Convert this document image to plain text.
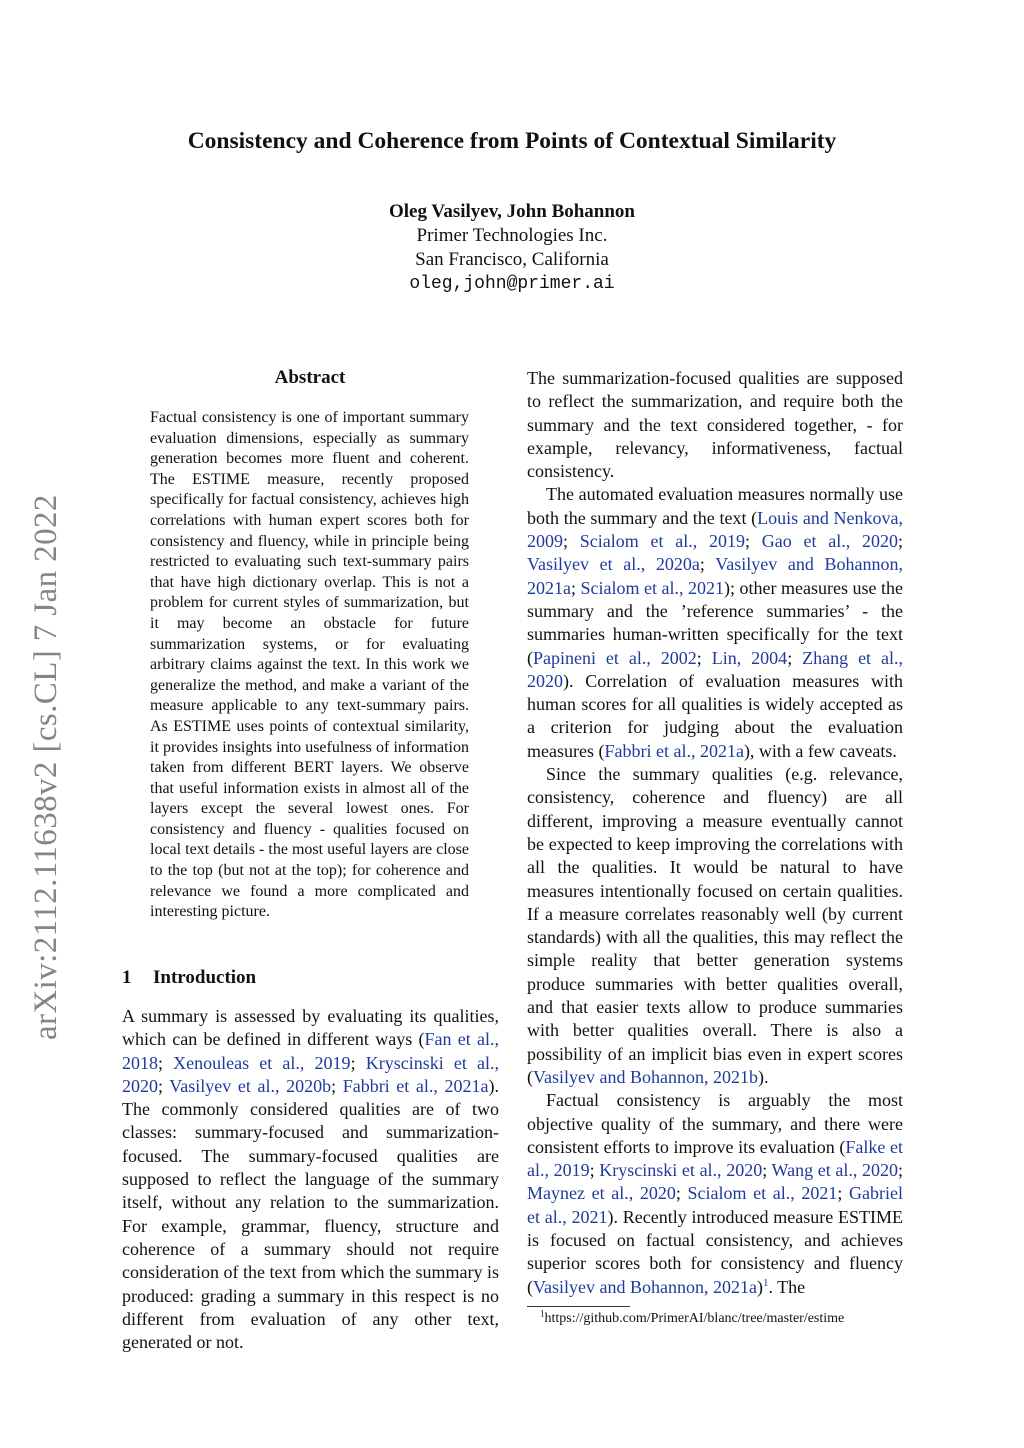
Consistency and Coherence from Points of Contextual Similarity
Oleg Vasilyev, John Bohannon
Primer Technologies Inc.
San Francisco, California
oleg,john@primer.ai
arXiv:2112.11638v2 [cs.CL] 7 Jan 2022
Abstract
Factual consistency is one of important summary evaluation dimensions, especially as summary generation becomes more fluent and coherent. The ESTIME measure, recently proposed specifically for factual consistency, achieves high correlations with human expert scores both for consistency and fluency, while in principle being restricted to evaluating such text-summary pairs that have high dictionary overlap. This is not a problem for current styles of summarization, but it may become an obstacle for future summarization systems, or for evaluating arbitrary claims against the text. In this work we generalize the method, and make a variant of the measure applicable to any text-summary pairs. As ESTIME uses points of contextual similarity, it provides insights into usefulness of information taken from different BERT layers. We observe that useful information exists in almost all of the layers except the several lowest ones. For consistency and fluency - qualities focused on local text details - the most useful layers are close to the top (but not at the top); for coherence and relevance we found a more complicated and interesting picture.
1 Introduction

A summary is assessed by evaluating its qualities, which can be defined in different ways (Fan et al., 2018; Xenouleas et al., 2019; Kryscinski et al., 2020; Vasilyev et al., 2020b; Fabbri et al., 2021a). The commonly considered qualities are of two classes: summary-focused and summarization-focused. The summary-focused qualities are supposed to reflect the language of the summary itself, without any relation to the summarization. For example, grammar, fluency, structure and coherence of a summary should not require consideration of the text from which the summary is produced: grading a summary in this respect is no different from evaluation of any other text, generated or not.

The summarization-focused qualities are supposed to reflect the summarization, and require both the summary and the text considered together, - for example, relevancy, informativeness, factual consistency.

The automated evaluation measures normally use both the summary and the text (Louis and Nenkova, 2009; Scialom et al., 2019; Gao et al., 2020; Vasilyev et al., 2020a; Vasilyev and Bohannon, 2021a; Scialom et al., 2021); other measures use the summary and the ’reference summaries’ - the summaries human-written specifically for the text (Papineni et al., 2002; Lin, 2004; Zhang et al., 2020). Correlation of evaluation measures with human scores for all qualities is widely accepted as a criterion for judging about the evaluation measures (Fabbri et al., 2021a), with a few caveats.

Since the summary qualities (e.g. relevance, consistency, coherence and fluency) are all different, improving a measure eventually cannot be expected to keep improving the correlations with all the qualities. It would be natural to have measures intentionally focused on certain qualities. If a measure correlates reasonably well (by current standards) with all the qualities, this may reflect the simple reality that better generation systems produce summaries with better qualities overall, and that easier texts allow to produce summaries with better qualities overall. There is also a possibility of an implicit bias even in expert scores (Vasilyev and Bohannon, 2021b).

Factual consistency is arguably the most objective quality of the summary, and there were consistent efforts to improve its evaluation (Falke et al., 2019; Kryscinski et al., 2020; Wang et al., 2020; Maynez et al., 2020; Scialom et al., 2021; Gabriel et al., 2021). Recently introduced measure ESTIME is focused on factual consistency, and achieves superior scores both for consistency and fluency (Vasilyev and Bohannon, 2021a)$^1$. The

$^1$https://github.com/PrimerAI/blanc/tree/master/estime
